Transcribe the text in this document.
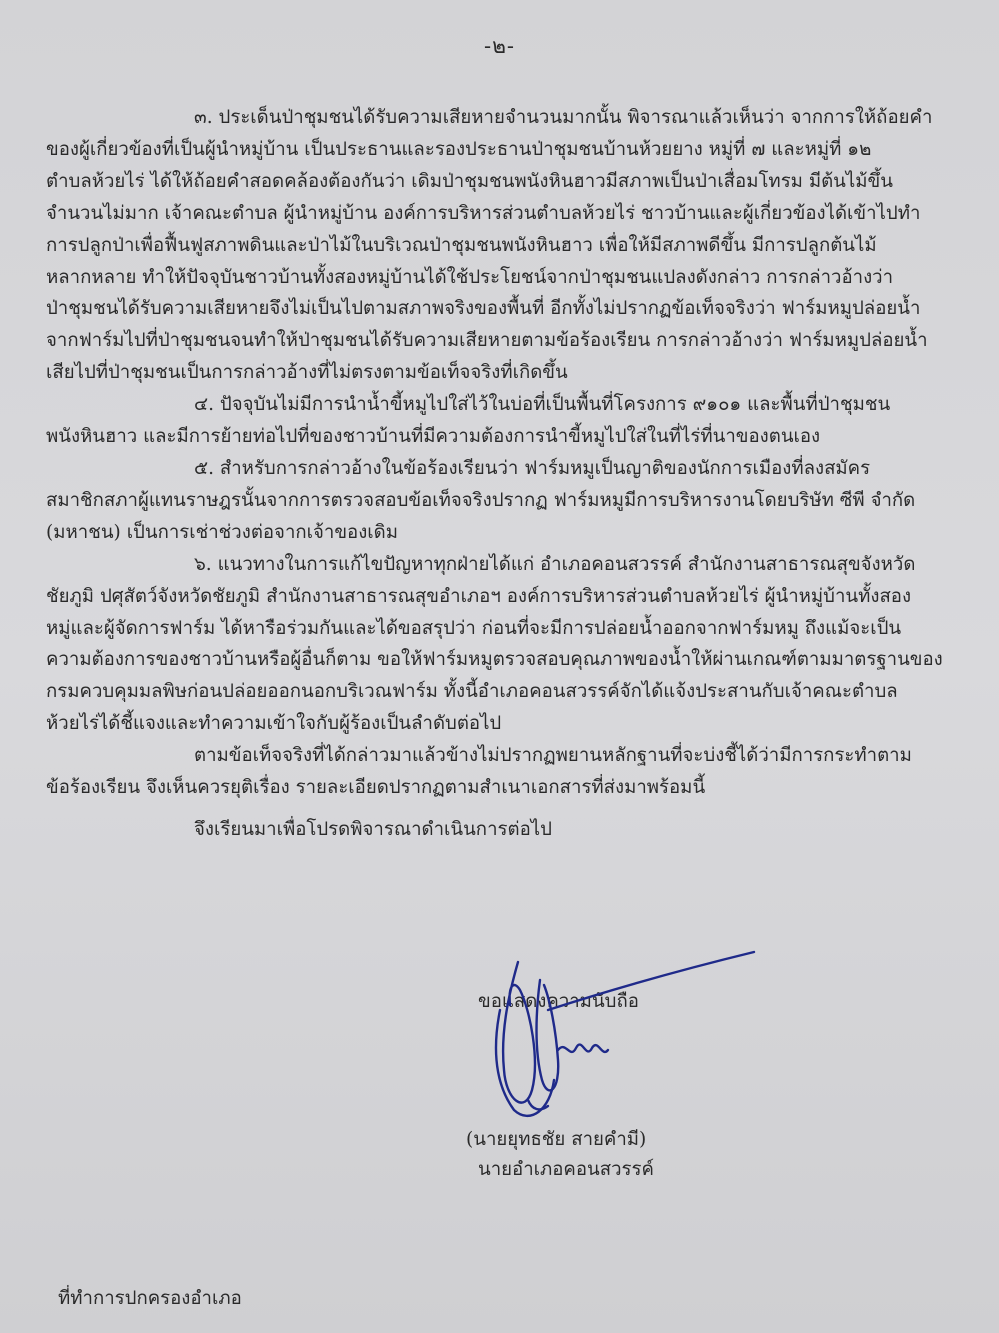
-๒-

๓. ประเด็นป่าชุมชนได้รับความเสียหายจำนวนมากนั้น พิจารณาแล้วเห็นว่า จากการให้ถ้อยคำ
ของผู้เกี่ยวข้องที่เป็นผู้นำหมู่บ้าน เป็นประธานและรองประธานป่าชุมชนบ้านห้วยยาง หมู่ที่ ๗ และหมู่ที่ ๑๒
ตำบลห้วยไร่ ได้ให้ถ้อยคำสอดคล้องต้องกันว่า เดิมป่าชุมชนพนังหินฮาวมีสภาพเป็นป่าเสื่อมโทรม มีต้นไม้ขึ้น
จำนวนไม่มาก เจ้าคณะตำบล ผู้นำหมู่บ้าน องค์การบริหารส่วนตำบลห้วยไร่ ชาวบ้านและผู้เกี่ยวข้องได้เข้าไปทำ
การปลูกป่าเพื่อฟื้นฟูสภาพดินและป่าไม้ในบริเวณป่าชุมชนพนังหินฮาว เพื่อให้มีสภาพดีขึ้น มีการปลูกต้นไม้
หลากหลาย ทำให้ปัจจุบันชาวบ้านทั้งสองหมู่บ้านได้ใช้ประโยชน์จากป่าชุมชนแปลงดังกล่าว การกล่าวอ้างว่า
ป่าชุมชนได้รับความเสียหายจึงไม่เป็นไปตามสภาพจริงของพื้นที่ อีกทั้งไม่ปรากฏข้อเท็จจริงว่า ฟาร์มหมูปล่อยน้ำ
จากฟาร์มไปที่ป่าชุมชนจนทำให้ป่าชุมชนได้รับความเสียหายตามข้อร้องเรียน การกล่าวอ้างว่า ฟาร์มหมูปล่อยน้ำ
เสียไปที่ป่าชุมชนเป็นการกล่าวอ้างที่ไม่ตรงตามข้อเท็จจริงที่เกิดขึ้น

๔. ปัจจุบันไม่มีการนำน้ำขี้หมูไปใส่ไว้ในบ่อที่เป็นพื้นที่โครงการ ๙๑๐๑ และพื้นที่ป่าชุมชน
พนังหินฮาว และมีการย้ายท่อไปที่ของชาวบ้านที่มีความต้องการนำขี้หมูไปใส่ในที่ไร่ที่นาของตนเอง

๕. สำหรับการกล่าวอ้างในข้อร้องเรียนว่า ฟาร์มหมูเป็นญาติของนักการเมืองที่ลงสมัคร
สมาชิกสภาผู้แทนราษฎรนั้นจากการตรวจสอบข้อเท็จจริงปรากฏ ฟาร์มหมูมีการบริหารงานโดยบริษัท ซีพี จำกัด
(มหาชน) เป็นการเช่าช่วงต่อจากเจ้าของเดิม

๖. แนวทางในการแก้ไขปัญหาทุกฝ่ายได้แก่ อำเภอคอนสวรรค์ สำนักงานสาธารณสุขจังหวัด
ชัยภูมิ ปศุสัตว์จังหวัดชัยภูมิ สำนักงานสาธารณสุขอำเภอฯ องค์การบริหารส่วนตำบลห้วยไร่ ผู้นำหมู่บ้านทั้งสอง
หมู่และผู้จัดการฟาร์ม ได้หารือร่วมกันและได้ขอสรุปว่า ก่อนที่จะมีการปล่อยน้ำออกจากฟาร์มหมู ถึงแม้จะเป็น
ความต้องการของชาวบ้านหรือผู้อื่นก็ตาม ขอให้ฟาร์มหมูตรวจสอบคุณภาพของน้ำให้ผ่านเกณฑ์ตามมาตรฐานของ
กรมควบคุมมลพิษก่อนปล่อยออกนอกบริเวณฟาร์ม ทั้งนี้อำเภอคอนสวรรค์จักได้แจ้งประสานกับเจ้าคณะตำบล
ห้วยไร่ได้ชี้แจงและทำความเข้าใจกับผู้ร้องเป็นลำดับต่อไป

ตามข้อเท็จจริงที่ได้กล่าวมาแล้วข้างไม่ปรากฏพยานหลักฐานที่จะบ่งชี้ได้ว่ามีการกระทำตาม
ข้อร้องเรียน จึงเห็นควรยุติเรื่อง รายละเอียดปรากฏตามสำเนาเอกสารที่ส่งมาพร้อมนี้

จึงเรียนมาเพื่อโปรดพิจารณาดำเนินการต่อไป

ขอแสดงความนับถือ
(นายยุทธชัย สายคำมี)
นายอำเภอคอนสวรรค์
ที่ทำการปกครองอำเภอ
